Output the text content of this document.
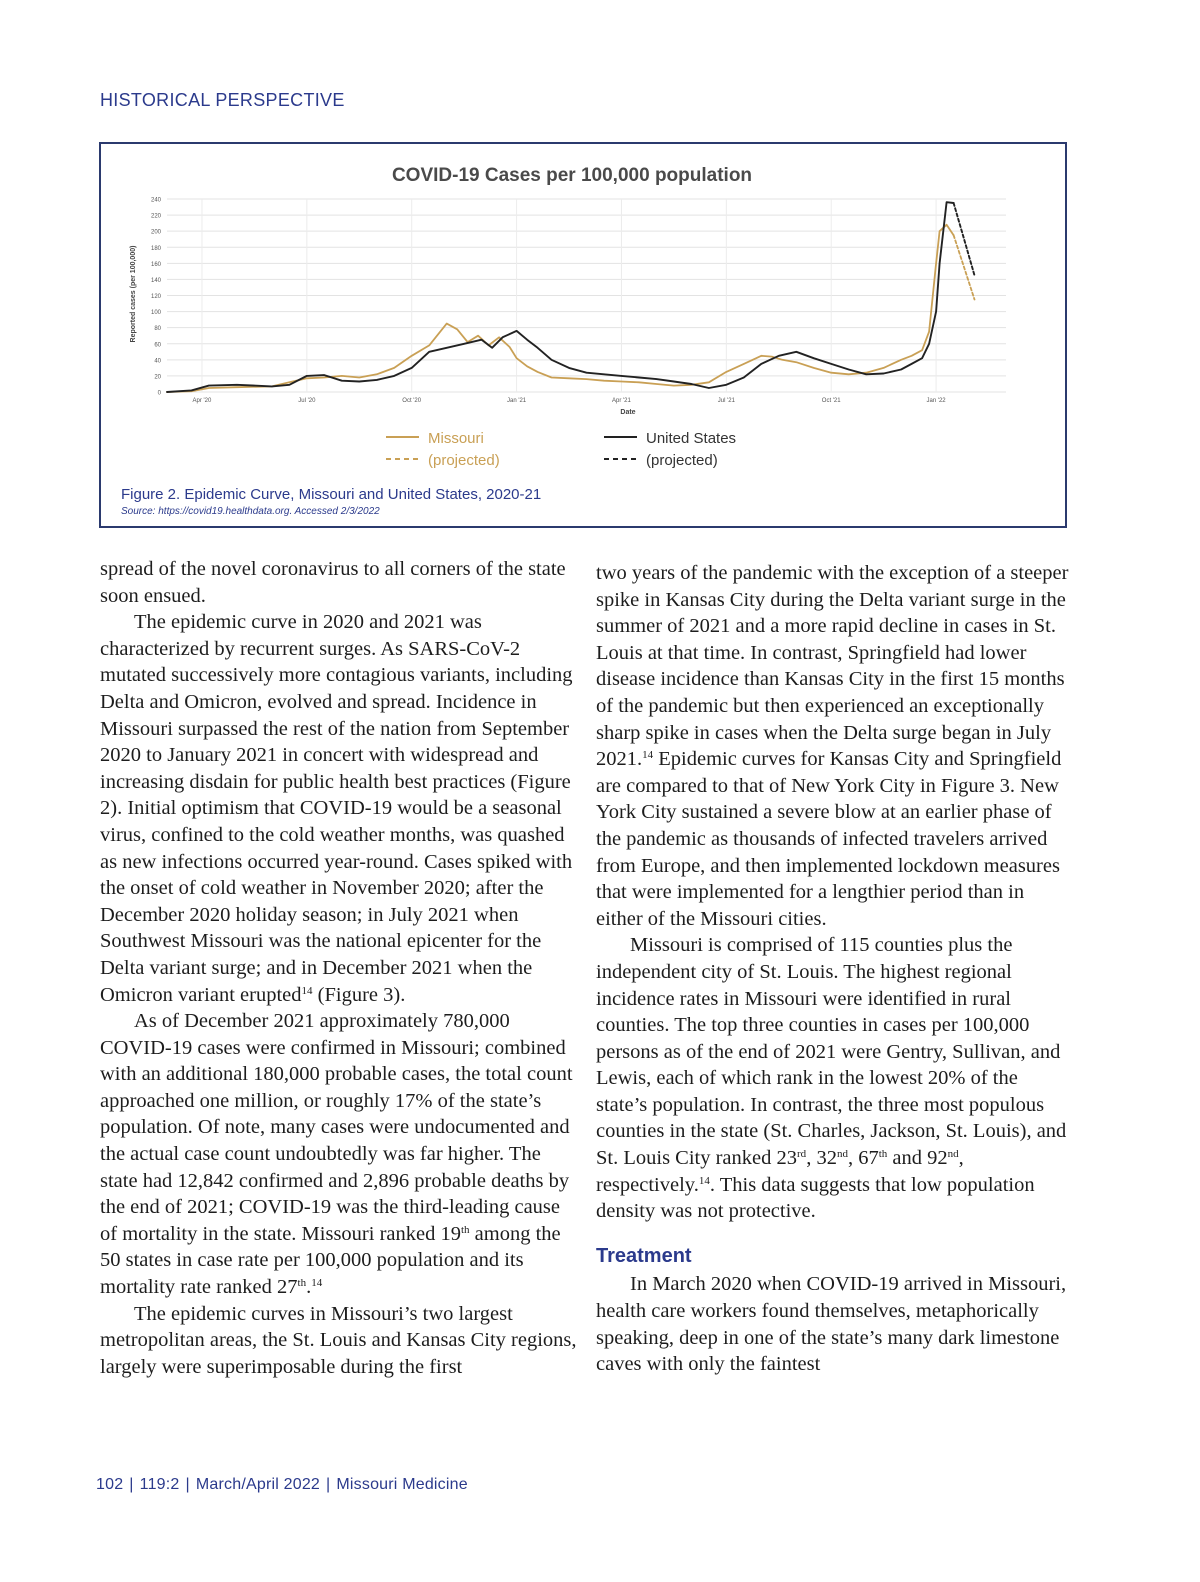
HISTORICAL PERSPECTIVE
COVID-19 Cases per 100,000 population
Reported cases (per 100,000)
Date
0
20
40
60
80
100
120
140
160
180
200
220
240
Apr '20	Jul '20	Oct '20	Jan '21	Apr '21	Jul '21	Oct '21	Jan '22
Missouri
(projected)
United States
(projected)
Figure 2. Epidemic Curve, Missouri and United States, 2020-21
Source: https://covid19.healthdata.org. Accessed 2/3/2022

spread of the novel coronavirus to all corners of the state soon ensued.

The epidemic curve in 2020 and 2021 was characterized by recurrent surges. As SARS-CoV-2 mutated successively more contagious variants, including Delta and Omicron, evolved and spread. Incidence in Missouri surpassed the rest of the nation from September 2020 to January 2021 in concert with widespread and increasing disdain for public health best practices (Figure 2). Initial optimism that COVID-19 would be a seasonal virus, confined to the cold weather months, was quashed as new infections occurred year-round. Cases spiked with the onset of cold weather in November 2020; after the December 2020 holiday season; in July 2021 when Southwest Missouri was the national epicenter for the Delta variant surge; and in December 2021 when the Omicron variant erupted$^{14}$ (Figure 3).

As of December 2021 approximately 780,000 COVID-19 cases were confirmed in Missouri; combined with an additional 180,000 probable cases, the total count approached one million, or roughly 17% of the state’s population. Of note, many cases were undocumented and the actual case count undoubtedly was far higher. The state had 12,842 confirmed and 2,896 probable deaths by the end of 2021; COVID-19 was the third-leading cause of mortality in the state. Missouri ranked 19th among the 50 states in case rate per 100,000 population and its mortality rate ranked 27th.$^{14}$

The epidemic curves in Missouri’s two largest metropolitan areas, the St. Louis and Kansas City regions, largely were superimposable during the first

two years of the pandemic with the exception of a steeper spike in Kansas City during the Delta variant surge in the summer of 2021 and a more rapid decline in cases in St. Louis at that time. In contrast, Springfield had lower disease incidence than Kansas City in the first 15 months of the pandemic but then experienced an exceptionally sharp spike in cases when the Delta surge began in July 2021.14 Epidemic curves for Kansas City and Springfield are compared to that of New York City in Figure 3. New York City sustained a severe blow at an earlier phase of the pandemic as thousands of infected travelers arrived from Europe, and then implemented lockdown measures that were implemented for a lengthier period than in either of the Missouri cities.

Missouri is comprised of 115 counties plus the independent city of St. Louis. The highest regional incidence rates in Missouri were identified in rural counties. The top three counties in cases per 100,000 persons as of the end of 2021 were Gentry, Sullivan, and Lewis, each of which rank in the lowest 20% of the state’s population. In contrast, the three most populous counties in the state (St. Charles, Jackson, St. Louis), and St. Louis City ranked 23rd, 32nd, 67th and 92nd, respectively.$^{14}$. This data suggests that low population density was not protective.

Treatment

In March 2020 when COVID-19 arrived in Missouri, health care workers found themselves, metaphorically speaking, deep in one of the state’s many dark limestone caves with only the faintest

102 | 119:2 | March/April 2022 | Missouri Medicine
